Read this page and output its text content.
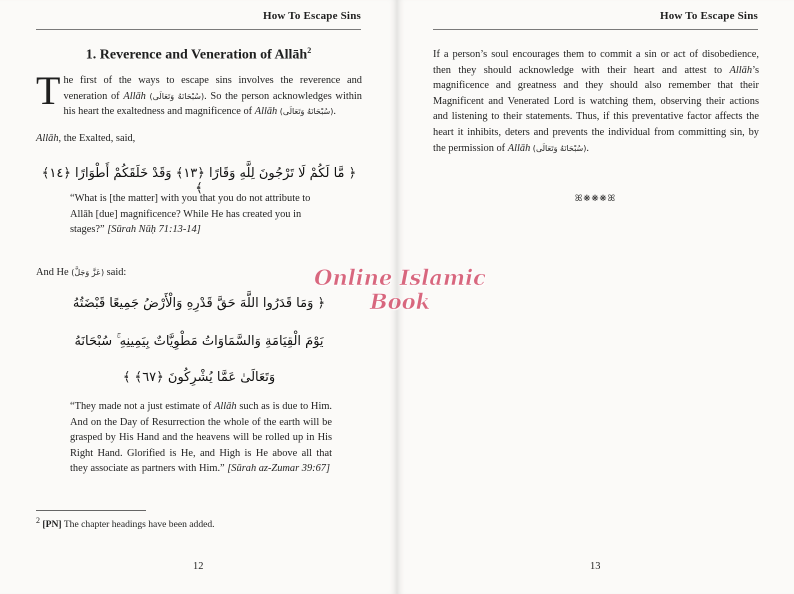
How To Escape Sins
1. Reverence and Veneration of Allāh$^2$
The first of the ways to escape sins involves the reverence and veneration of Allāh (سُبْحَانَهُ وَتَعَالَى). So the person acknowledges within his heart the exaltedness and magnificence of Allāh (سُبْحَانَهُ وَتَعَالَى).
Allāh, the Exalted, said,
﴿ مَّا لَكُمْ لَا تَرْجُونَ لِلَّهِ وَقَارًا ﴿١٣﴾ وَقَدْ خَلَقَكُمْ أَطْوَارًا ﴿١٤﴾ ﴾
“What is [the matter] with you that you do not attribute to Allāh [due] magnificence? While He has created you in stages?” [Sūrah Nūḥ 71:13-14]
And He (عَزَّ وَجَلَّ) said:
﴿ وَمَا قَدَرُوا اللَّهَ حَقَّ قَدْرِهِ وَالْأَرْضُ جَمِيعًا قَبْضَتُهُ
يَوْمَ الْقِيَامَةِ وَالسَّمَاوَاتُ مَطْوِيَّاتٌ بِيَمِينِهِ ۚ سُبْحَانَهُ
وَتَعَالَىٰ عَمَّا يُشْرِكُونَ ﴿٦٧﴾ ﴾
“They made not a just estimate of Allāh such as is due to Him. And on the Day of Resurrection the whole of the earth will be grasped by His Hand and the heavens will be rolled up in His Right Hand. Glorified is He, and High is He above all that they associate as partners with Him.” [Sūrah az-Zumar 39:67]
$^2$ [PN] The chapter headings have been added.
12
How To Escape Sins
If a person’s soul encourages them to commit a sin or act of disobedience, then they should acknowledge with their heart and attest to Allāh’s magnificence and greatness and they should also remember that their Magnificent and Venerated Lord is watching them, observing their actions and listening to their statements. Thus, if this preventative factor affects the heart it inhibits, deters and prevents the individual from committing sin, by the permission of Allāh (سُبْحَانَهُ وَتَعَالَى).
ꕤ❋❋❋ꕤ
13
Online Islamic
Book
